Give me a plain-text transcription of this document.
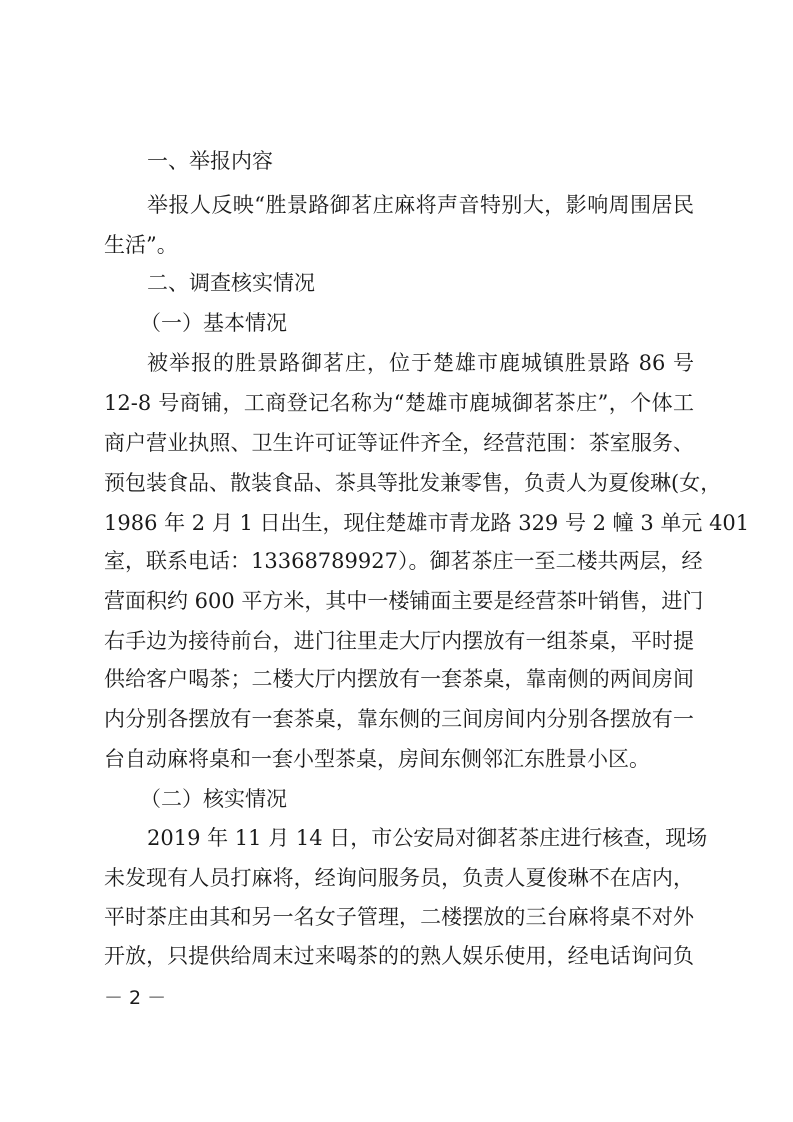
一、举报内容
举报人反映“胜景路御茗庄麻将声音特别大，影响周围居民
生活”。
二、调查核实情况
（一）基本情况
被举报的胜景路御茗庄，位于楚雄市鹿城镇胜景路 86 号
12-8 号商铺，工商登记名称为“楚雄市鹿城御茗茶庄”，个体工
商户营业执照、卫生许可证等证件齐全，经营范围：茶室服务、
预包装食品、散装食品、茶具等批发兼零售，负责人为夏俊琳(女，
1986 年 2 月 1 日出生，现住楚雄市青龙路 329 号 2 幢 3 单元 401
室，联系电话：13368789927）。御茗茶庄一至二楼共两层，经
营面积约 600 平方米，其中一楼铺面主要是经营茶叶销售，进门
右手边为接待前台，进门往里走大厅内摆放有一组茶桌，平时提
供给客户喝茶；二楼大厅内摆放有一套茶桌，靠南侧的两间房间
内分别各摆放有一套茶桌，靠东侧的三间房间内分别各摆放有一
台自动麻将桌和一套小型茶桌，房间东侧邻汇东胜景小区。
（二）核实情况
2019 年 11 月 14 日，市公安局对御茗茶庄进行核查，现场
未发现有人员打麻将，经询问服务员，负责人夏俊琳不在店内，
平时茶庄由其和另一名女子管理，二楼摆放的三台麻将桌不对外
开放，只提供给周末过来喝茶的的熟人娱乐使用，经电话询问负
－ 2 －
